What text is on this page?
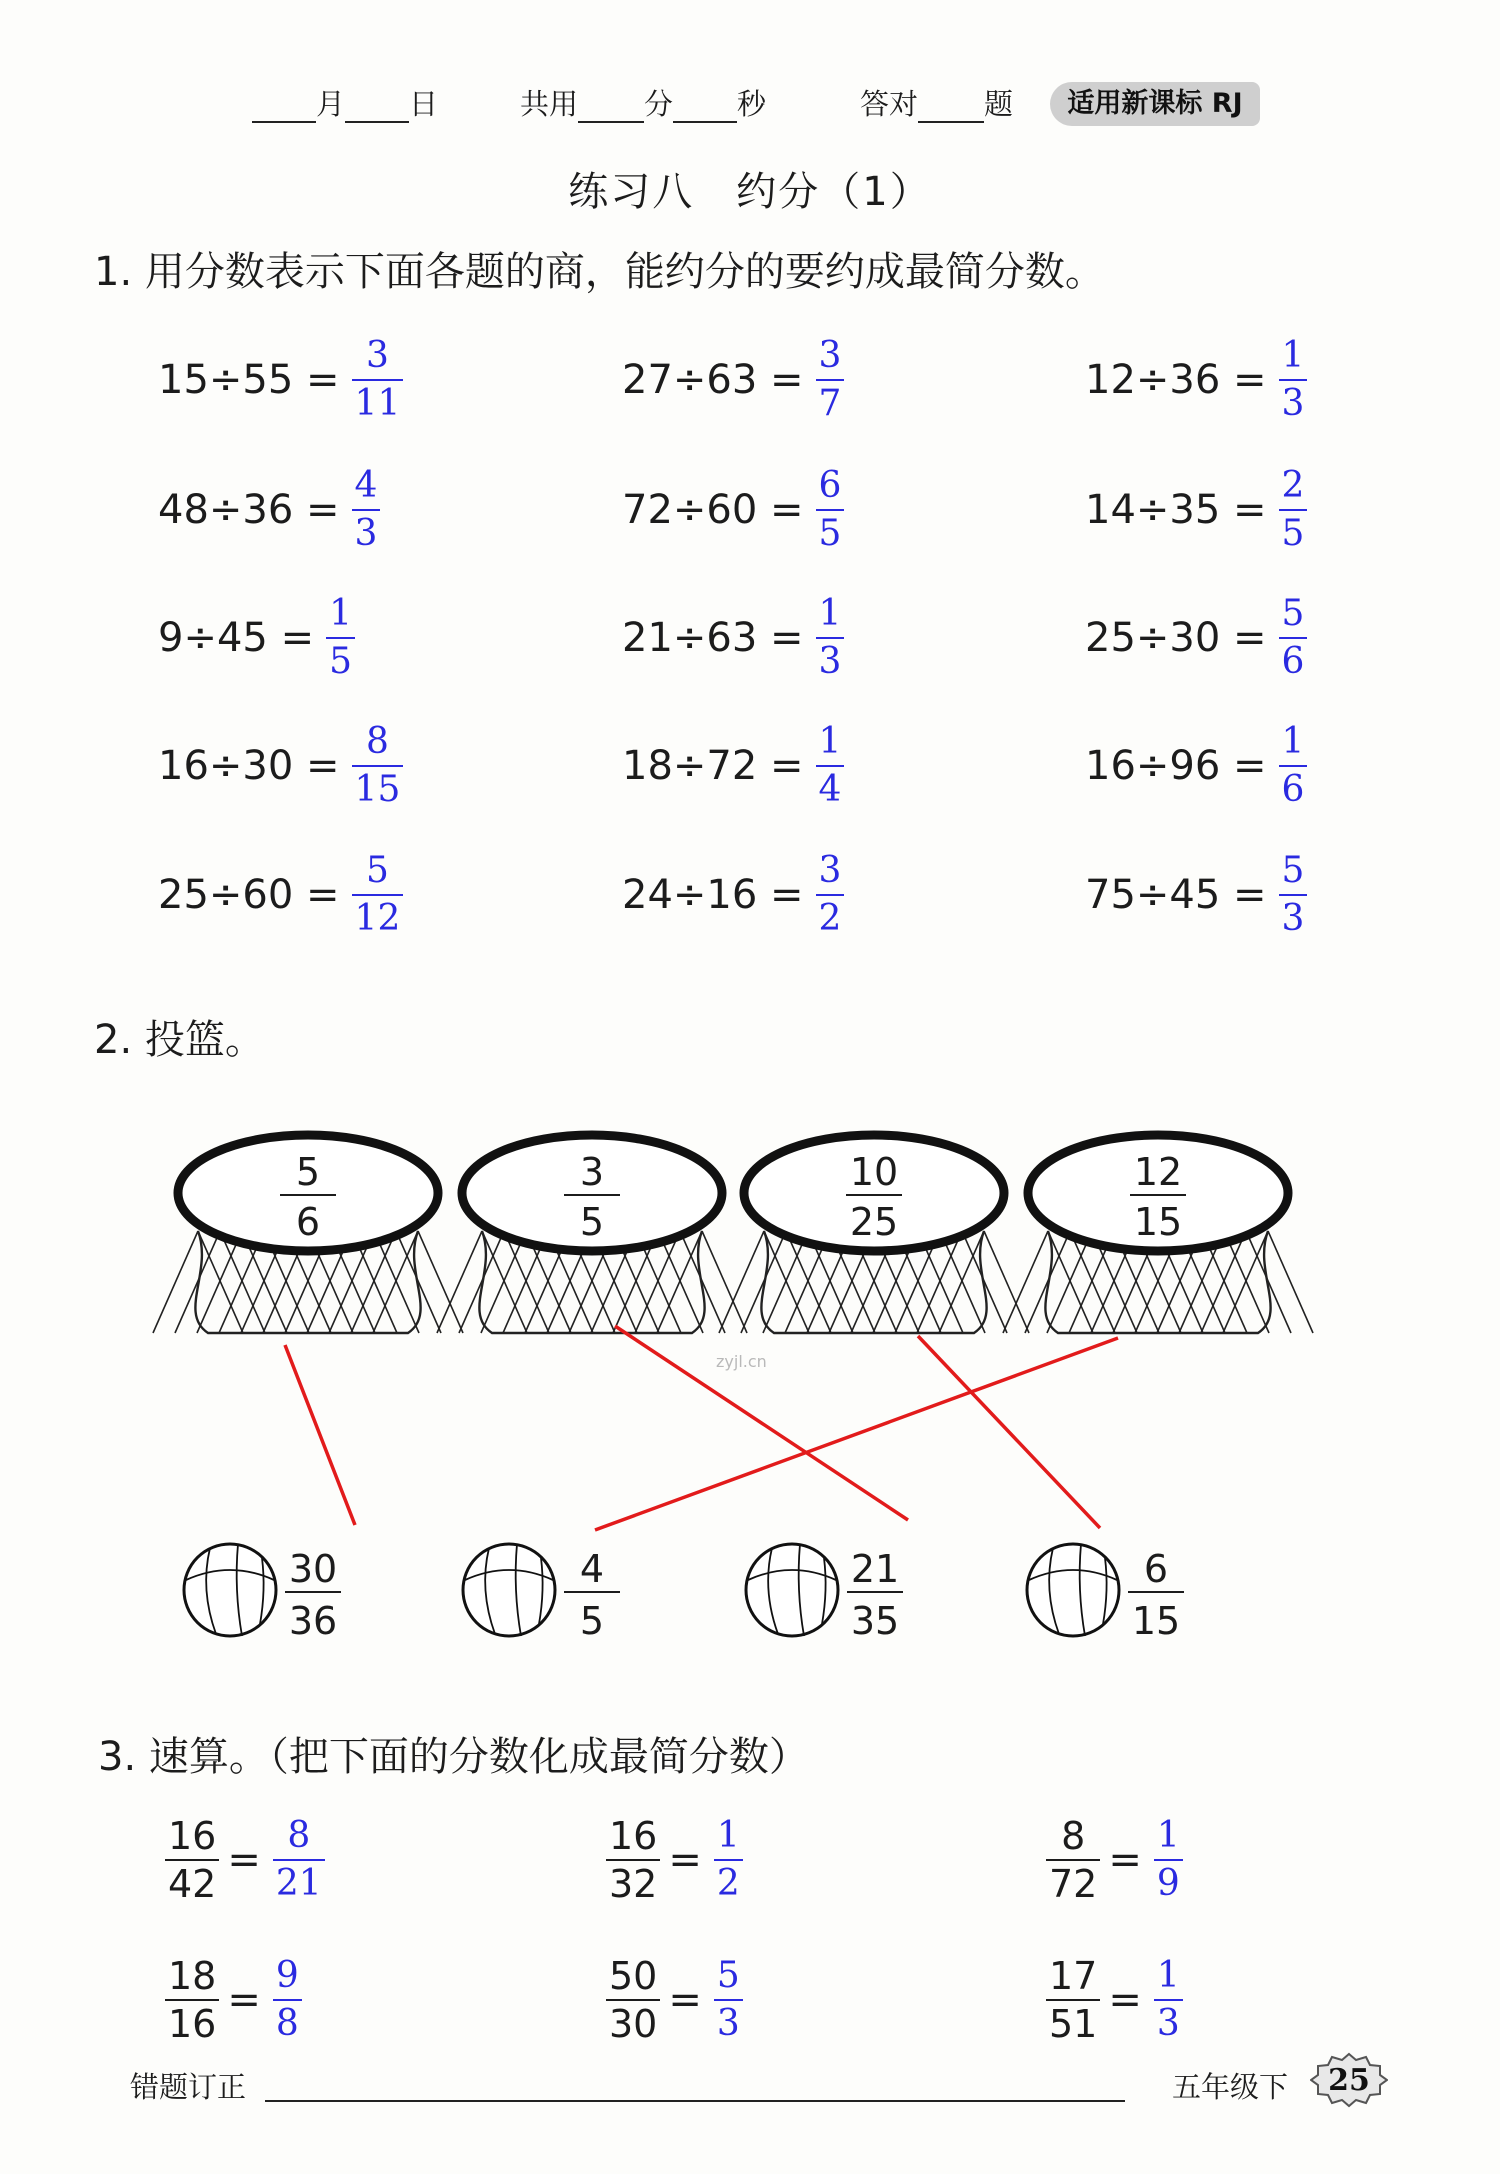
月 日	共用 分 秒	答对 题	适用新课标 RJ
练习八　约分（1）
1. 用分数表示下面各题的商，能约分的要约成最简分数。
$15\div 55 = \frac{3}{11}$	$27\div 63 = \frac{3}{7}$	$12\div 36 = \frac{1}{3}$
$48\div 36 = \frac{4}{3}$	$72\div 60 = \frac{6}{5}$	$14\div 35 = \frac{2}{5}$
$9\div 45 = \frac{1}{5}$	$21\div 63 = \frac{1}{3}$	$25\div 30 = \frac{5}{6}$
$16\div 30 = \frac{8}{15}$	$18\div 72 = \frac{1}{4}$	$16\div 96 = \frac{1}{6}$
$25\div 60 = \frac{5}{12}$	$24\div 16 = \frac{3}{2}$	$75\div 45 = \frac{5}{3}$
2. 投篮。
5
6
3
5
10
25
12
15
30
36
4
5
21
35
6
15
zyjl.cn
3. 速算。（把下面的分数化成最简分数）
$\frac{16}{42} = \frac{8}{21}$	$\frac{16}{32} = \frac{1}{2}$	$\frac{8}{72} = \frac{1}{9}$
$\frac{18}{16} = \frac{9}{8}$	$\frac{50}{30} = \frac{5}{3}$	$\frac{17}{51} = \frac{1}{3}$
错题订正	五年级下 25
